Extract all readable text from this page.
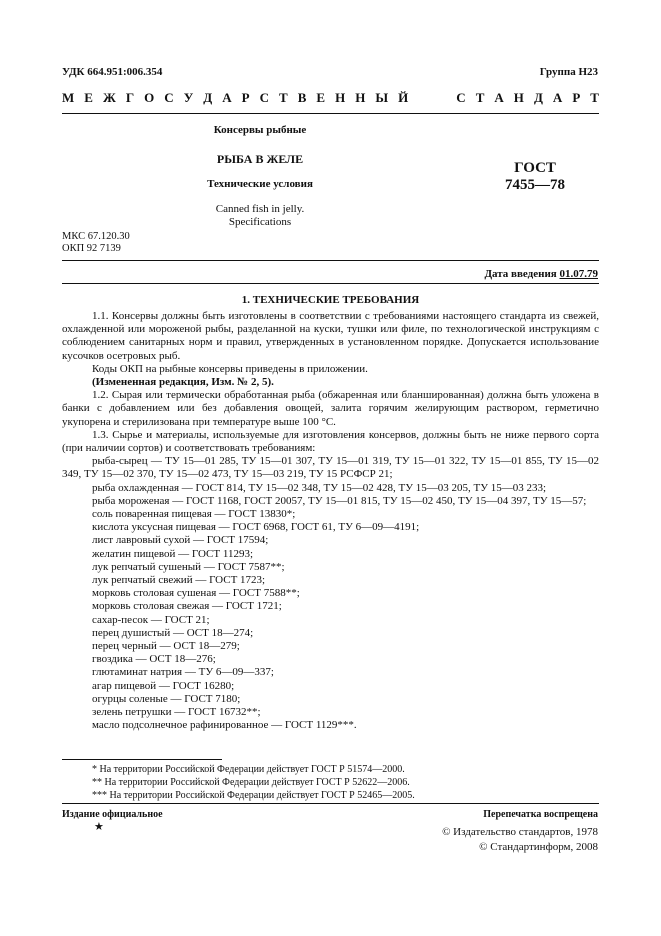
УДК 664.951:006.354	Группа Н23
М Е Ж Г О С У Д А Р С Т В Е Н Н Ы Й	С Т А Н Д А Р Т
Консервы рыбные
РЫБА В ЖЕЛЕ
Технические условия
Canned fish in jelly.
Specifications
ГОСТ
7455—78
МКС 67.120.30
ОКП 92 7139
Дата введения 01.07.79
1. ТЕХНИЧЕСКИЕ ТРЕБОВАНИЯ

1.1. Консервы должны быть изготовлены в соответствии с требованиями настоящего стандарта из свежей, охлажденной или мороженой рыбы, разделанной на куски, тушки или филе, по технологической инструкциям с соблюдением санитарных норм и правил, утвержденных в установленном порядке. Допускается использование кусочков осетровых рыб.

Коды ОКП на рыбные консервы приведены в приложении.

(Измененная редакция, Изм. № 2, 5).

1.2. Сырая или термически обработанная рыба (обжаренная или бланшированная) должна быть уложена в банки с добавлением или без добавления овощей, залита горячим желирующим раствором, герметично укупорена и стерилизована при температуре выше 100 °С.

1.3. Сырье и материалы, используемые для изготовления консервов, должны быть не ниже первого сорта (при наличии сортов) и соответствовать требованиям:

рыба-сырец — ТУ 15—01 285, ТУ 15—01 307, ТУ 15—01 319, ТУ 15—01 322, ТУ 15—01 855, ТУ 15—02 349, ТУ 15—02 370, ТУ 15—02 473, ТУ 15—03 219, ТУ 15 РСФСР 21;

рыба охлажденная — ГОСТ 814, ТУ 15—02 348, ТУ 15—02 428, ТУ 15—03 205, ТУ 15—03 233;

рыба мороженая — ГОСТ 1168, ГОСТ 20057, ТУ 15—01 815, ТУ 15—02 450, ТУ 15—04 397, ТУ 15—57;

соль поваренная пищевая — ГОСТ 13830*;

кислота уксусная пищевая — ГОСТ 6968, ГОСТ 61, ТУ 6—09—4191;

лист лавровый сухой — ГОСТ 17594;

желатин пищевой — ГОСТ 11293;

лук репчатый сушеный — ГОСТ 7587**;

лук репчатый свежий — ГОСТ 1723;

морковь столовая сушеная — ГОСТ 7588**;

морковь столовая свежая — ГОСТ 1721;

сахар-песок — ГОСТ 21;

перец душистый — ОСТ 18—274;

перец черный — ОСТ 18—279;

гвоздика — ОСТ 18—276;

глютаминат натрия — ТУ 6—09—337;

агар пищевой — ГОСТ 16280;

огурцы соленые — ГОСТ 7180;

зелень петрушки — ГОСТ 16732**;

масло подсолнечное рафинированное — ГОСТ 1129***.

* На территории Российской Федерации действует ГОСТ Р 51574—2000.
** На территории Российской Федерации действует ГОСТ Р 52622—2006.
*** На территории Российской Федерации действует ГОСТ Р 52465—2005.
Издание официальное	Перепечатка воспрещена
★	© Издательство стандартов, 1978
© Стандартинформ, 2008
